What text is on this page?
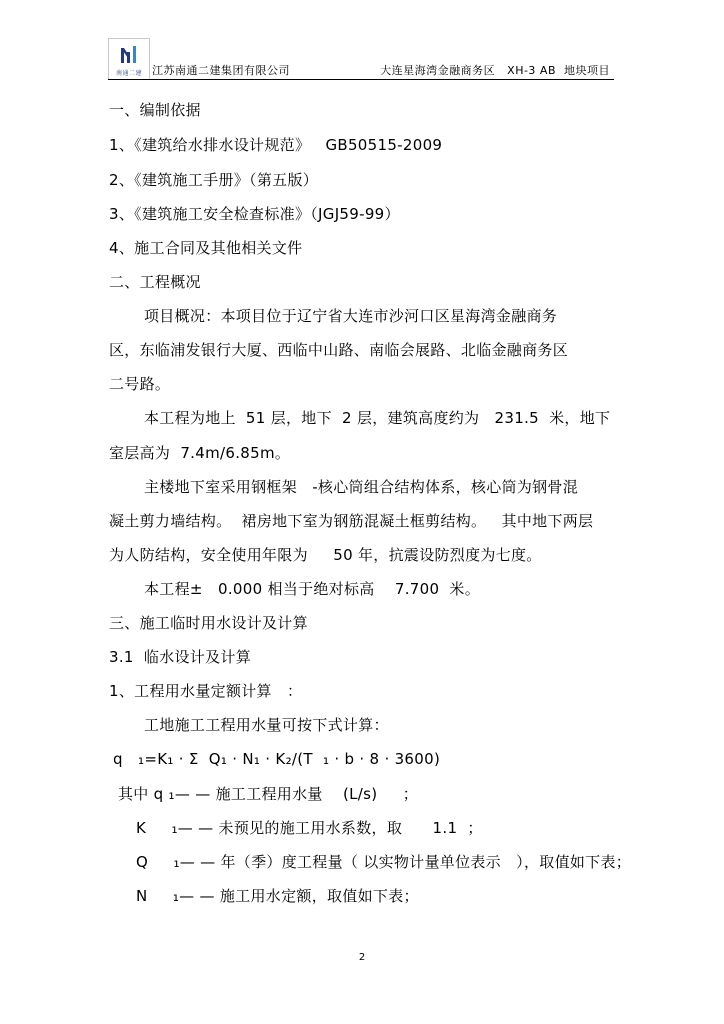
南通二建 江苏南通二建集团有限公司	大连星海湾金融商务区   XH-3 AB  地块项目
一、编制依据
1、《建筑给水排水设计规范》   GB50515-2009
2、《建筑施工手册》（第五版）
3、《建筑施工安全检查标准》（JGJ59-99）
4、施工合同及其他相关文件
二、工程概况
项目概况：本项目位于辽宁省大连市沙河口区星海湾金融商务
区，东临浦发银行大厦、西临中山路、南临会展路、北临金融商务区
二号路。
本工程为地上  51 层，地下  2 层，建筑高度约为   231.5  米，地下
室层高为  7.4m/6.85m。
主楼地下室采用钢框架   -核心筒组合结构体系，核心筒为钢骨混
凝土剪力墙结构。  裙房地下室为钢筋混凝土框剪结构。   其中地下两层
为人防结构，安全使用年限为     50 年，抗震设防烈度为七度。
本工程±   0.000 相当于绝对标高    7.700  米。
三、施工临时用水设计及计算
3.1  临水设计及计算
1、工程用水量定额计算   ：
工地施工工程用水量可按下式计算：
q   ₁=K₁ · Σ  Q₁ · N₁ · K₂/(T  ₁ · b · 8 · 3600)
其中 q ₁— — 施工工程用水量    (L/s)     ；
K     ₁— — 未预见的施工用水系数，取      1.1  ；
Q     ₁— — 年（季）度工程量（ 以实物计量单位表示   ），取值如下表；
N     ₁— — 施工用水定额，取值如下表；
2
